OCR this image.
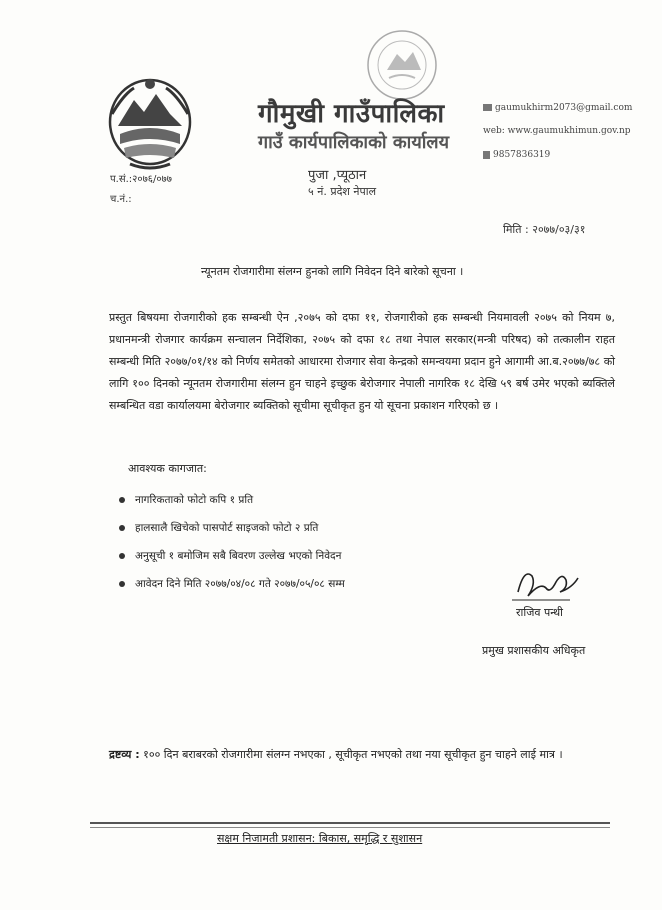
गौमुखी गाउँपालिका
गाउँ कार्यपालिकाको कार्यालय
पुजा ,प्यूठान
५ नं. प्रदेश नेपाल
gaumukhirm2073@gmail.com
web: www.gaumukhimun.gov.np
9857836319
प.सं.:२०७६/०७७
च.नं.:
मिति : २०७७/०३/३१
न्यूनतम रोजगारीमा संलग्न हुनको लागि निवेदन दिने बारेको सूचना ।
प्रस्तुत बिषयमा रोजगारीको हक सम्बन्धी ऐन ,२०७५ को दफा ११, रोजगारीको हक सम्बन्धी नियमावली २०७५ को नियम ७, प्रधानमन्त्री रोजगार कार्यक्रम सन्चालन निर्देशिका, २०७५ को दफा १८ तथा नेपाल सरकार(मन्त्री परिषद) को तत्कालीन राहत सम्बन्धी मिति २०७७/०१/१४ को निर्णय समेतको आधारमा रोजगार सेवा केन्द्रको समन्वयमा प्रदान हुने आगामी आ.ब.२०७७/७८ को लागि १०० दिनको न्यूनतम रोजगारीमा संलग्न हुन चाहने इच्छुक बेरोजगार नेपाली नागरिक १८ देखि ५९ बर्ष उमेर भएको ब्यक्तिले सम्बन्धित वडा कार्यालयमा बेरोजगार ब्यक्तिको सूचीमा सूचीकृत हुन यो सूचना प्रकाशन गरिएको छ ।
आवश्यक कागजात:
नागरिकताको फोटो कपि १ प्रति
हालसालै खिचेको पासपोर्ट साइजको फोटो २ प्रति
अनुसूची १ बमोजिम सबै बिवरण उल्लेख भएको निवेदन
आवेदन दिने मिति २०७७/०४/०८ गते २०७७/०५/०८ सम्म
राजिव पन्थी
प्रमुख प्रशासकीय अधिकृत
द्रष्टव्य : १०० दिन बराबरको रोजगारीमा संलग्न नभएका , सूचीकृत नभएको तथा नया सूचीकृत हुन चाहने लाई मात्र ।
सक्षम निजामती प्रशासन: बिकास, समृद्धि र सुशासन
